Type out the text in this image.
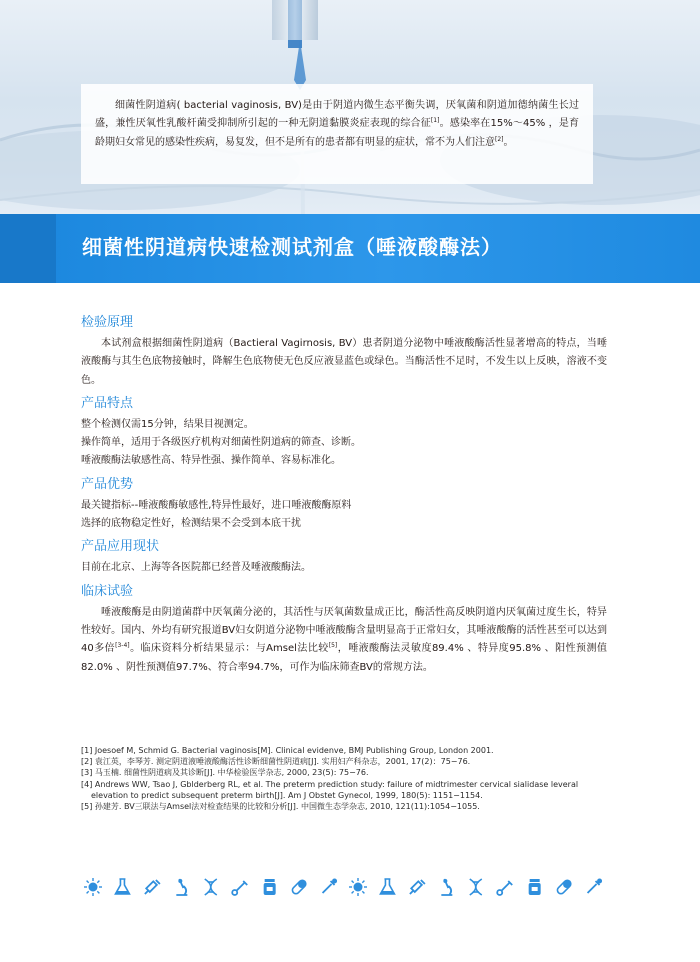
细菌性阴道病( bacterial vaginosis, BV)是由于阴道内微生态平衡失调，厌氧菌和阴道加德纳菌生长过盛，兼性厌氧性乳酸杆菌受抑制所引起的一种无阴道黏膜炎症表现的综合征[1]。感染率在15%～45% ，是育龄期妇女常见的感染性疾病，易复发，但不是所有的患者都有明显的症状，常不为人们注意[2]。

细菌性阴道病快速检测试剂盒（唾液酸酶法）
检验原理

本试剂盒根据细菌性阴道病（Bactieral Vagirnosis, BV）患者阴道分泌物中唾液酸酶活性显著增高的特点，当唾液酸酶与其生色底物接触时，降解生色底物使无色反应液显蓝色或绿色。当酶活性不足时，不发生以上反映，溶液不变色。

产品特点

整个检测仅需15分钟，结果目视测定。

操作简单，适用于各级医疗机构对细菌性阴道病的筛查、诊断。

唾液酸酶法敏感性高、特异性强、操作简单、容易标准化。

产品优势

最关键指标--唾液酸酶敏感性,特异性最好，进口唾液酸酶原料

选择的底物稳定性好，检测结果不会受到本底干扰

产品应用现状

目前在北京、上海等各医院都已经普及唾液酸酶法。

临床试验

唾液酸酶是由阴道菌群中厌氧菌分泌的，其活性与厌氧菌数量成正比，酶活性高反映阴道内厌氧菌过度生长，特异性较好。国内、外均有研究报道BV妇女阴道分泌物中唾液酸酶含量明显高于正常妇女，其唾液酸酶的活性甚至可以达到40多倍[3-4]。临床资料分析结果显示：与Amsel法比较[5]，唾液酸酶法灵敏度89.4% 、特异度95.8% 、阳性预测值82.0% 、阴性预测值97.7%、符合率94.7%，可作为临床筛查BV的常规方法。

[1] Joesoef M, Schmid G. Bacterial vaginosis[M]. Clinical evidenve, BMJ Publishing Group, London 2001.
[2] 袁江英，李琴芳. 测定阴道液唾液酸酶活性诊断细菌性阴道病[J]. 实用妇产科杂志，2001, 17(2)：75−76.
[3] 马玉楠. 细菌性阴道病及其诊断[J]. 中华检验医学杂志, 2000, 23(5): 75−76.
[4] Andrews WW, Tsao J, Gblderberg RL, et al. The preterm prediction study: failure of midtrimester cervical sialidase leveral
elevation to predict subsequent preterm birth[J]. Am J Obstet Gynecol, 1999, 180(5): 1151−1154.
[5] 孙建芳. BV三联法与Amsel法对检查结果的比较和分析[J]. 中国微生态学杂志, 2010, 121(11):1054−1055.
